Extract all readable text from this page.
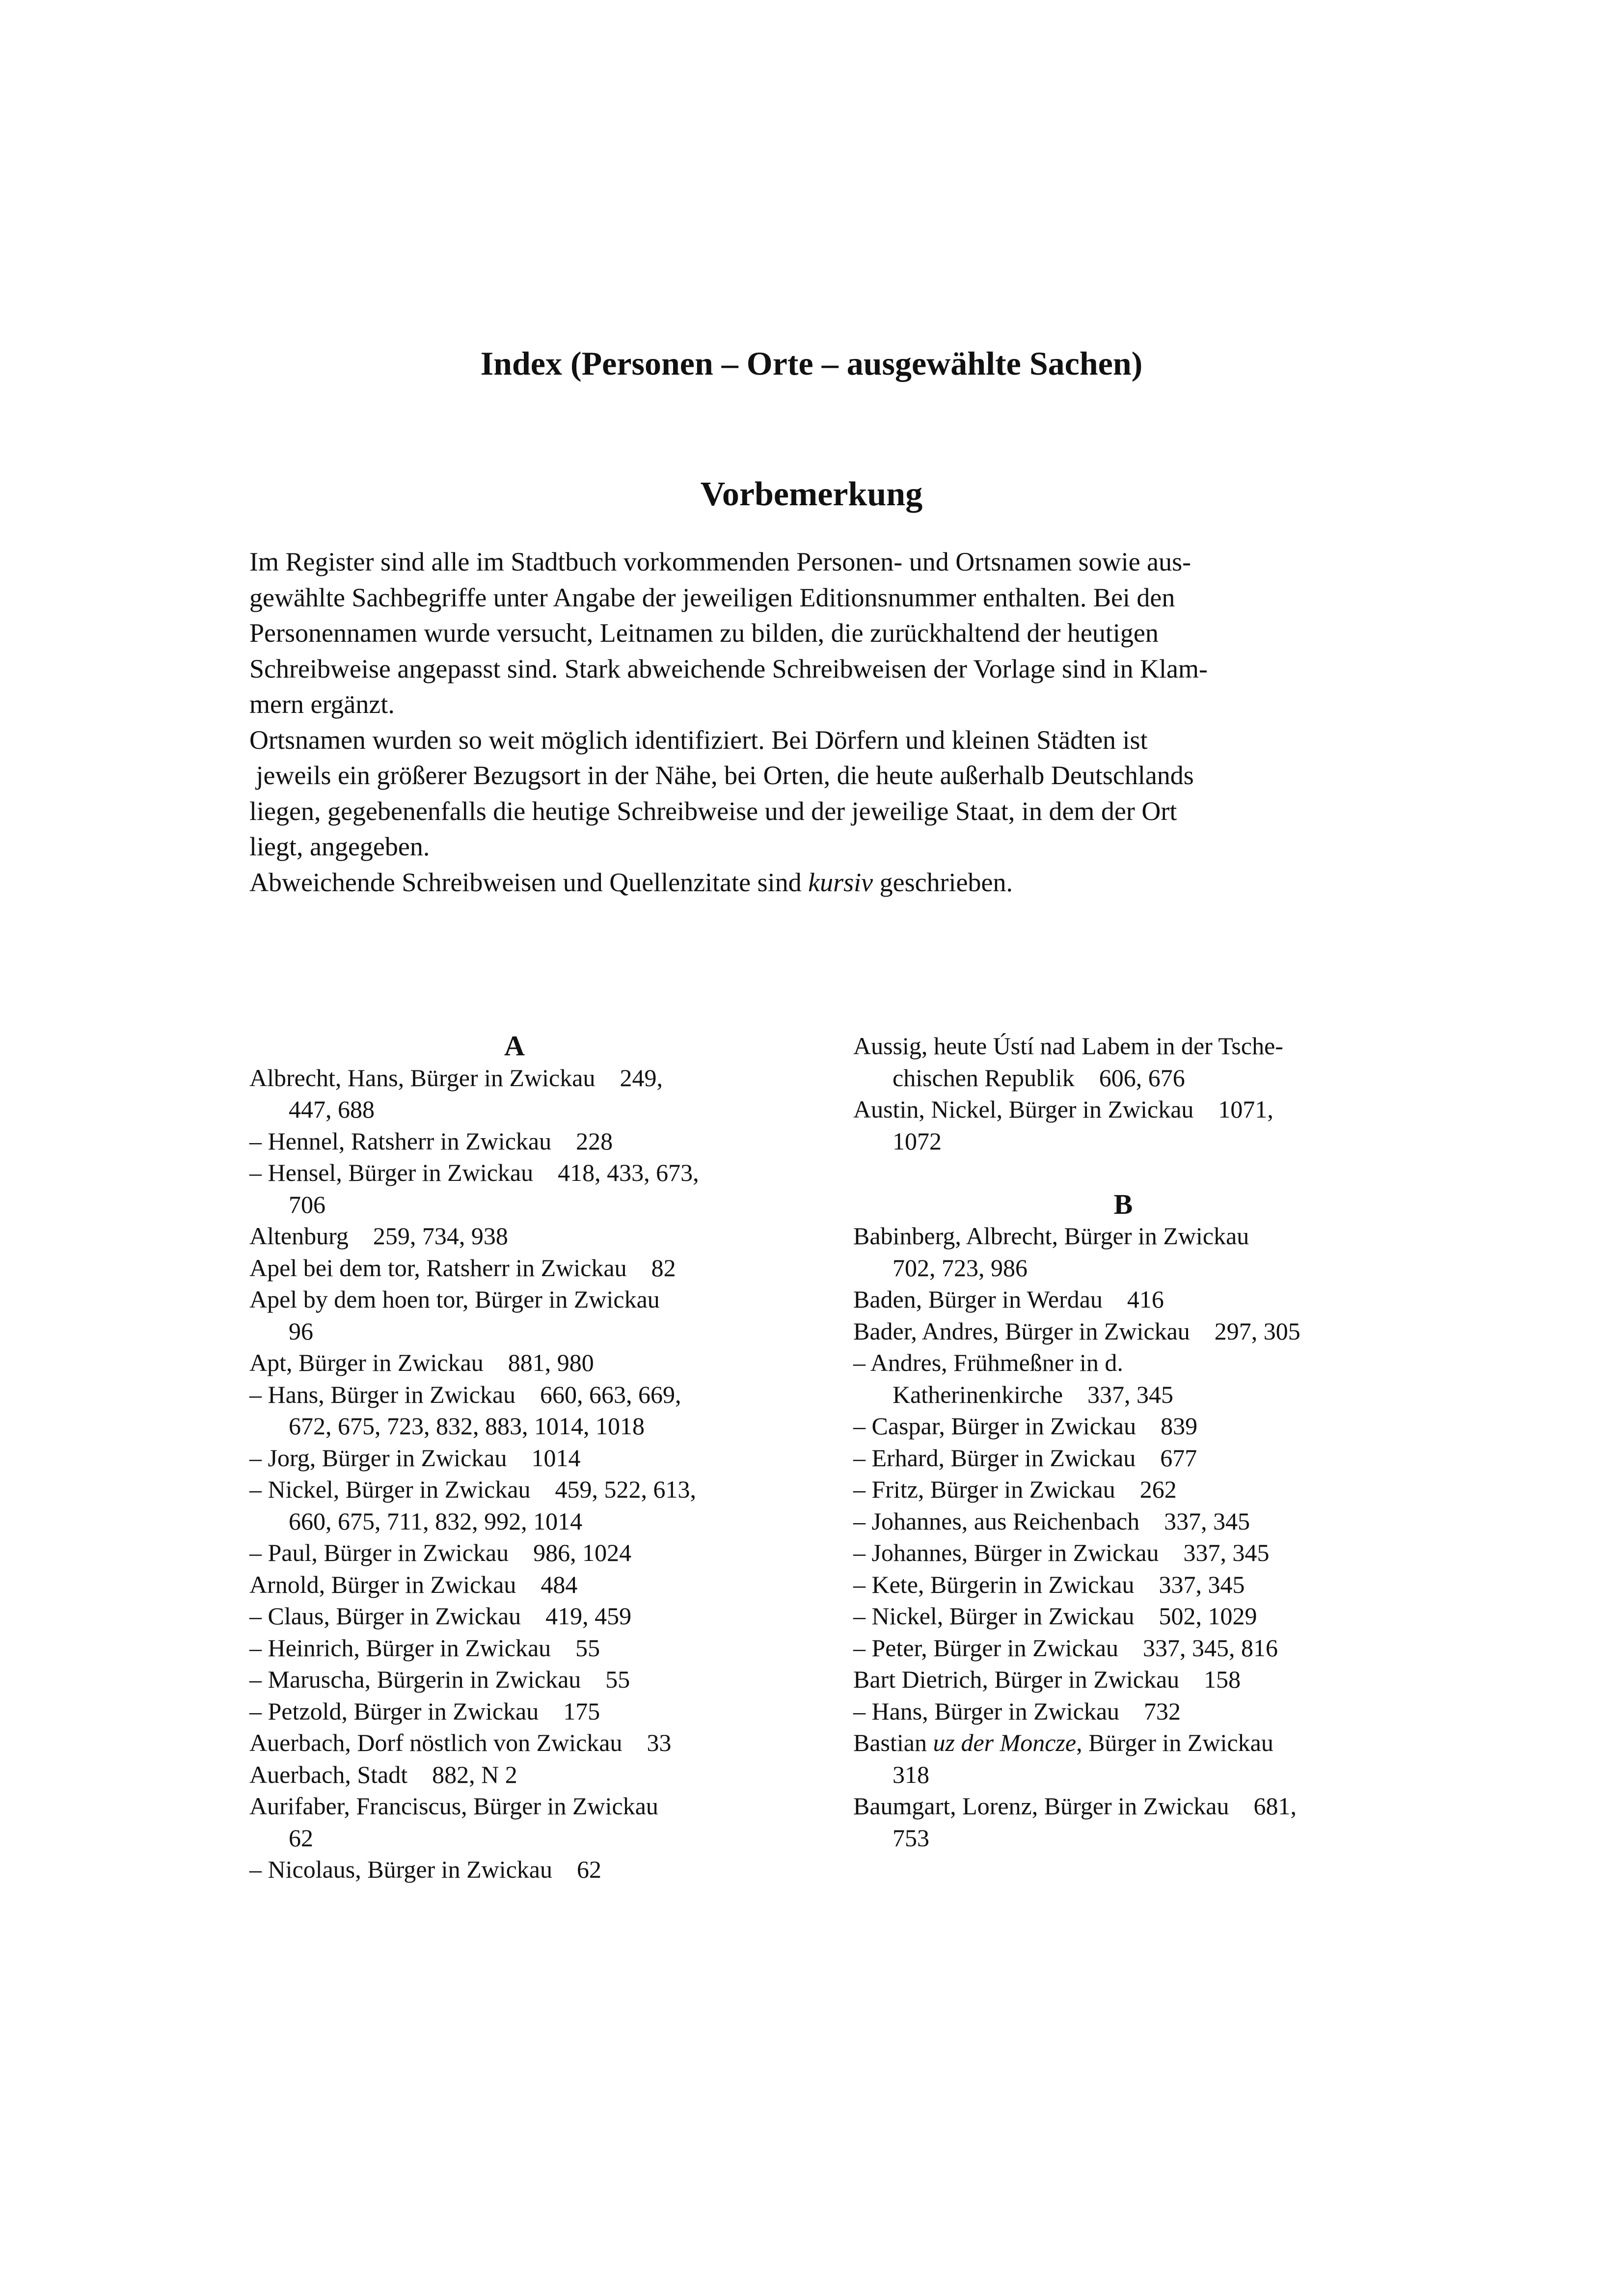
Index (Personen – Orte – ausgewählte Sachen)
Vorbemerkung
Im Register sind alle im Stadtbuch vorkommenden Personen- und Ortsnamen sowie aus-
gewählte Sachbegriffe unter Angabe der jeweiligen Editionsnummer enthalten. Bei den
Personennamen wurde versucht, Leitnamen zu bilden, die zurückhaltend der heutigen
Schreibweise angepasst sind. Stark abweichende Schreibweisen der Vorlage sind in Klam-
mern ergänzt.
Ortsnamen wurden so weit möglich identifiziert. Bei Dörfern und kleinen Städten ist
jeweils ein größerer Bezugsort in der Nähe, bei Orten, die heute außerhalb Deutschlands
liegen, gegebenenfalls die heutige Schreibweise und der jeweilige Staat, in dem der Ort
liegt, angegeben.
Abweichende Schreibweisen und Quellenzitate sind kursiv geschrieben.
A
Albrecht, Hans, Bürger in Zwickau    249,
447, 688
– Hennel, Ratsherr in Zwickau    228
– Hensel, Bürger in Zwickau    418, 433, 673,
706
Altenburg    259, 734, 938
Apel bei dem tor, Ratsherr in Zwickau    82
Apel by dem hoen tor, Bürger in Zwickau
96
Apt, Bürger in Zwickau    881, 980
– Hans, Bürger in Zwickau    660, 663, 669,
672, 675, 723, 832, 883, 1014, 1018
– Jorg, Bürger in Zwickau    1014
– Nickel, Bürger in Zwickau    459, 522, 613,
660, 675, 711, 832, 992, 1014
– Paul, Bürger in Zwickau    986, 1024
Arnold, Bürger in Zwickau    484
– Claus, Bürger in Zwickau    419, 459
– Heinrich, Bürger in Zwickau    55
– Maruscha, Bürgerin in Zwickau    55
– Petzold, Bürger in Zwickau    175
Auerbach, Dorf nöstlich von Zwickau    33
Auerbach, Stadt    882, N 2
Aurifaber, Franciscus, Bürger in Zwickau
62
– Nicolaus, Bürger in Zwickau    62
Aussig, heute Ústí nad Labem in der Tsche-
chischen Republik    606, 676
Austin, Nickel, Bürger in Zwickau    1071,
1072
B
Babinberg, Albrecht, Bürger in Zwickau
702, 723, 986
Baden, Bürger in Werdau    416
Bader, Andres, Bürger in Zwickau    297, 305
– Andres, Frühmeßner in d.
Katherinenkirche    337, 345
– Caspar, Bürger in Zwickau    839
– Erhard, Bürger in Zwickau    677
– Fritz, Bürger in Zwickau    262
– Johannes, aus Reichenbach    337, 345
– Johannes, Bürger in Zwickau    337, 345
– Kete, Bürgerin in Zwickau    337, 345
– Nickel, Bürger in Zwickau    502, 1029
– Peter, Bürger in Zwickau    337, 345, 816
Bart Dietrich, Bürger in Zwickau    158
– Hans, Bürger in Zwickau    732
Bastian uz der Moncze, Bürger in Zwickau
318
Baumgart, Lorenz, Bürger in Zwickau    681,
753
